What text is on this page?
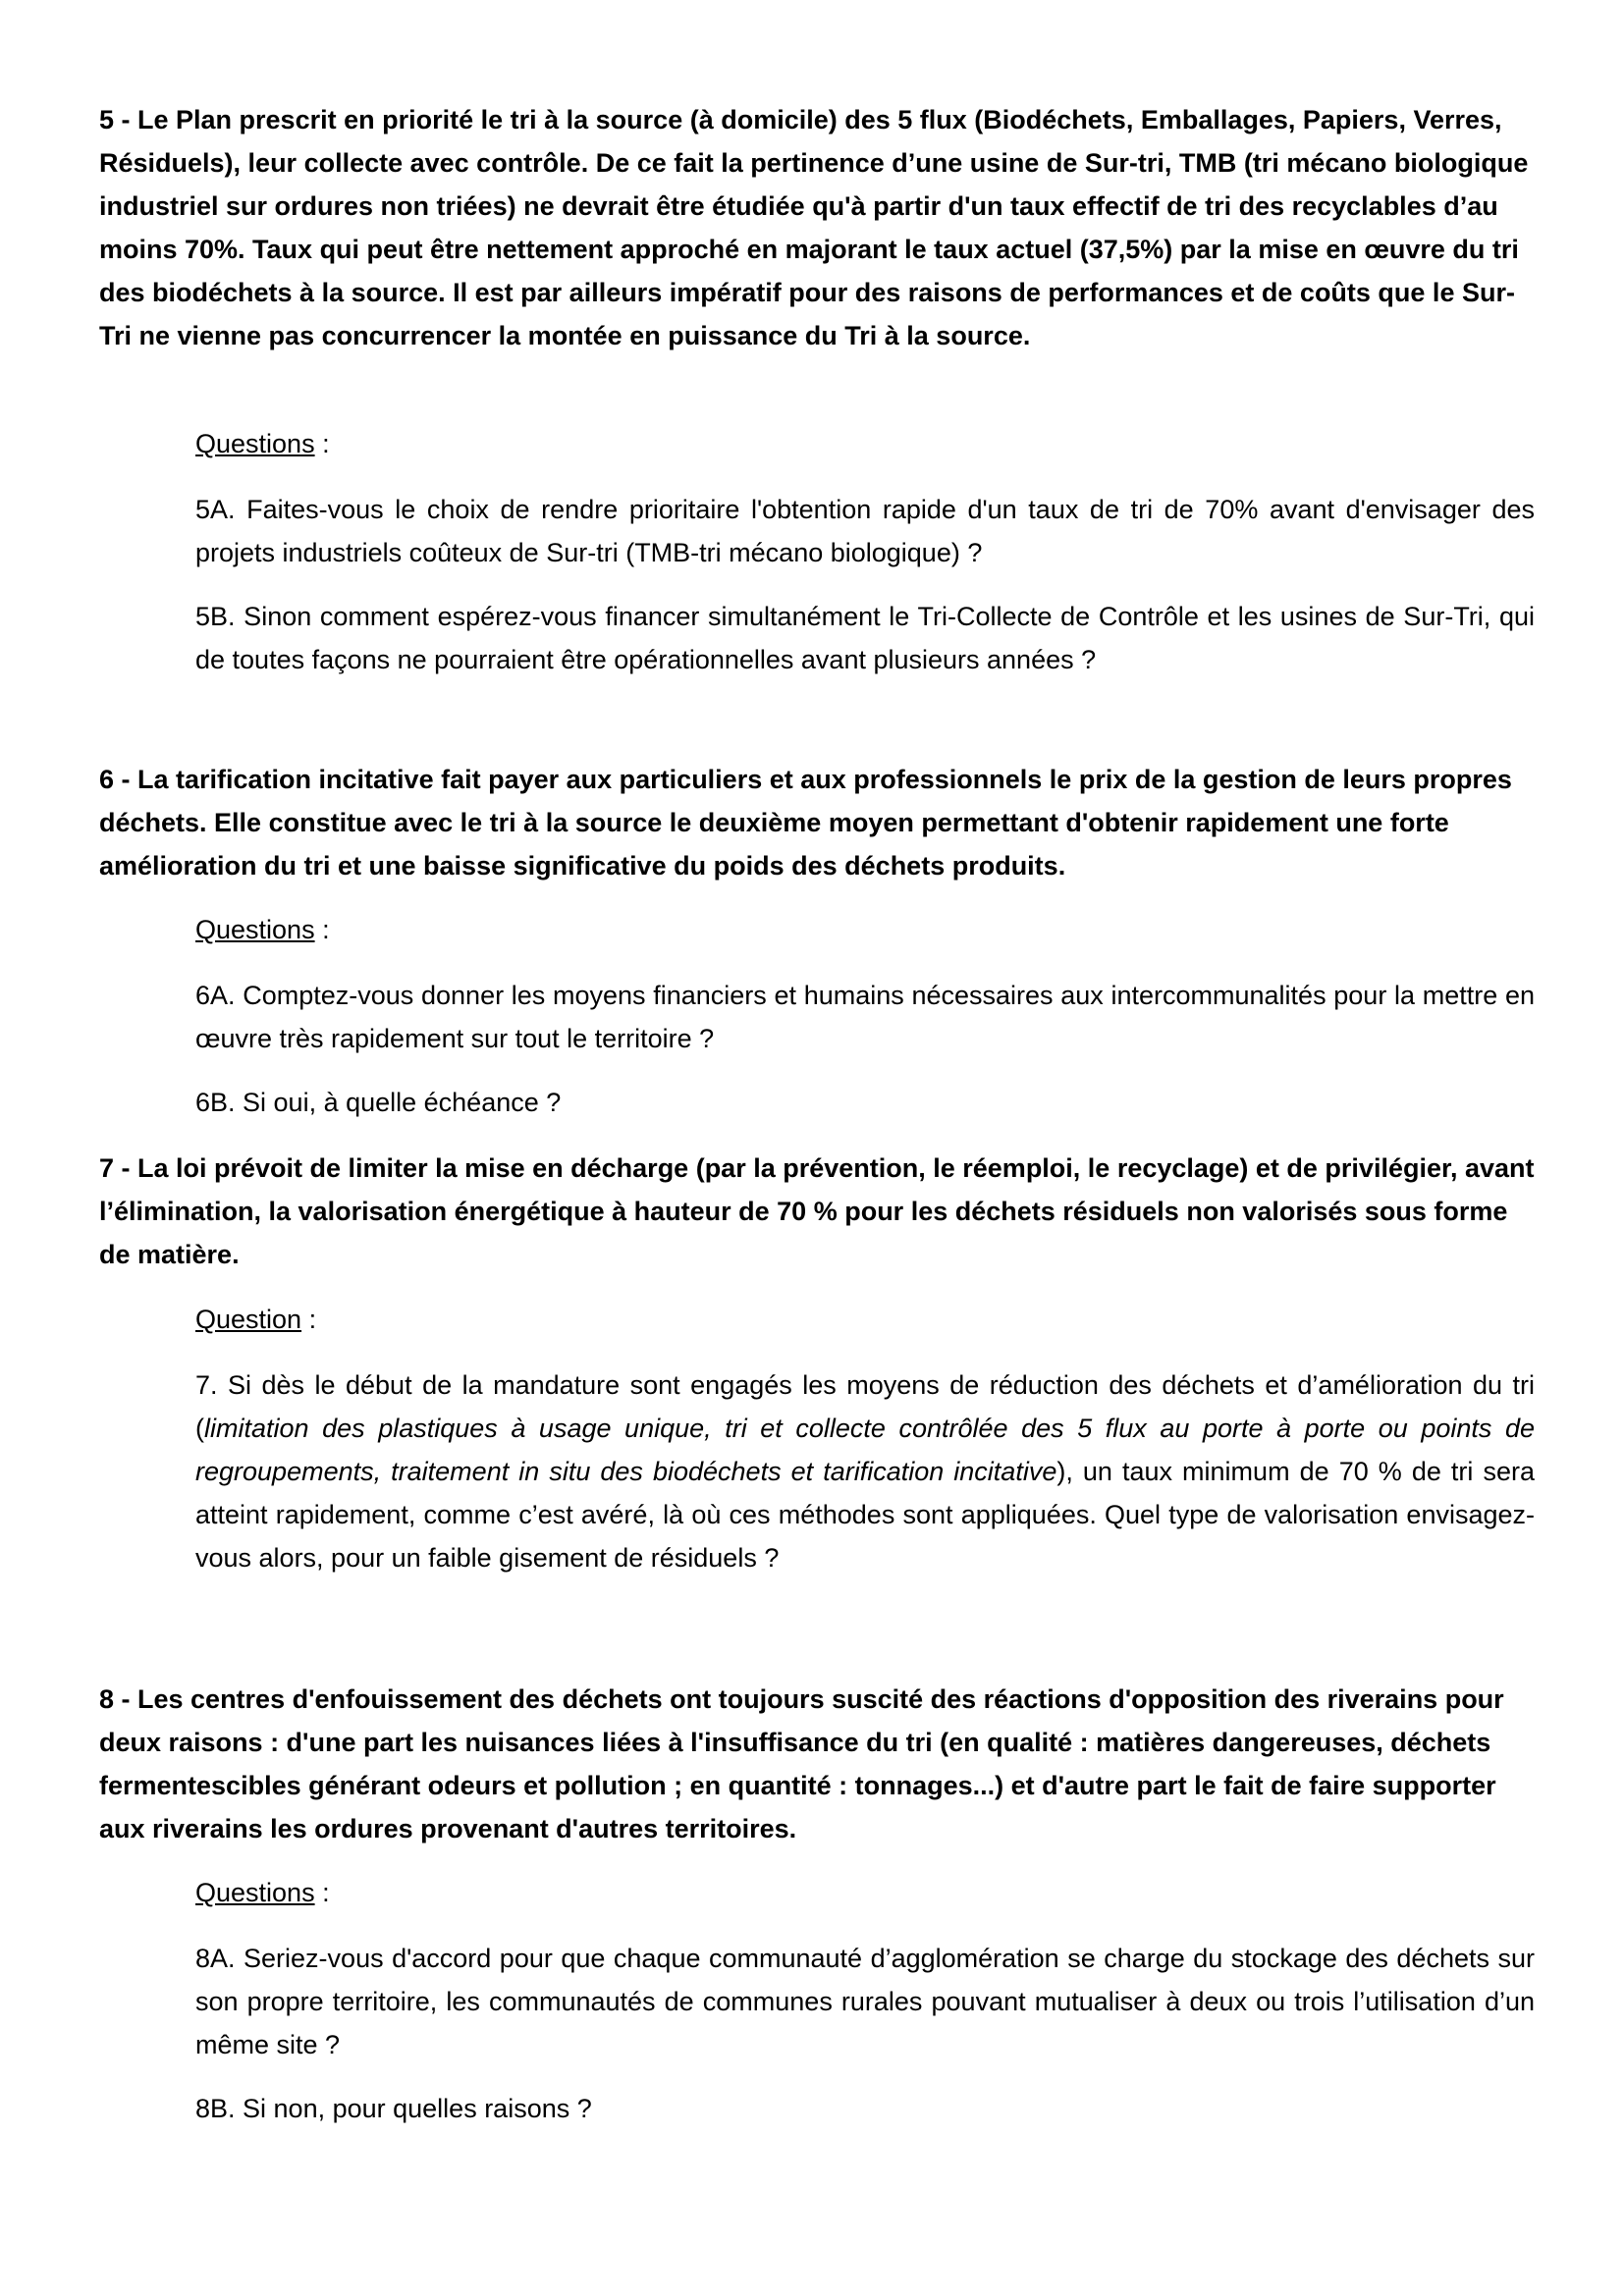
5 - Le Plan prescrit en priorité le tri à la source (à domicile) des 5 flux (Biodéchets, Emballages, Papiers, Verres, Résiduels), leur collecte avec contrôle. De ce fait la pertinence d’une usine de Sur-tri, TMB (tri mécano biologique industriel sur ordures non triées) ne devrait être étudiée qu'à partir d'un taux effectif de tri des recyclables d’au moins 70%. Taux qui peut être nettement approché en majorant le taux actuel (37,5%) par la mise en œuvre du tri des biodéchets à la source. Il est par ailleurs impératif pour des raisons de performances et de coûts que le Sur-Tri ne vienne pas concurrencer la montée en puissance du Tri à la source.

Questions :

5A. Faites-vous le choix de rendre prioritaire l'obtention rapide d'un taux de tri de 70% avant d'envisager des projets industriels coûteux de Sur-tri (TMB-tri mécano biologique) ?

5B. Sinon comment espérez-vous financer simultanément le Tri-Collecte de Contrôle et les usines de Sur-Tri, qui de toutes façons ne pourraient être opérationnelles avant plusieurs années ?

6 - La tarification incitative fait payer aux particuliers et aux professionnels le prix de la gestion de leurs propres déchets. Elle constitue avec le tri à la source le deuxième moyen permettant d'obtenir rapidement une forte amélioration du tri et une baisse significative du poids des déchets produits.

Questions :

6A. Comptez-vous donner les moyens financiers et humains nécessaires aux intercommunalités pour la mettre en œuvre très rapidement sur tout le territoire ?

6B. Si oui, à quelle échéance ?

7 - La loi prévoit de limiter la mise en décharge (par la prévention, le réemploi, le recyclage) et de privilégier, avant l’élimination, la valorisation énergétique à hauteur de 70 % pour les déchets résiduels non valorisés sous forme de matière.

Question :

7. Si dès le début de la mandature sont engagés les moyens de réduction des déchets et d’amélioration du tri (limitation des plastiques à usage unique, tri et collecte contrôlée des 5 flux au porte à porte ou points de regroupements, traitement in situ des biodéchets et tarification incitative), un taux minimum de 70 % de tri sera atteint rapidement, comme c’est avéré, là où ces méthodes sont appliquées. Quel type de valorisation envisagez-vous alors, pour un faible gisement de résiduels ?

8 - Les centres d'enfouissement des déchets ont toujours suscité des réactions d'opposition des riverains pour deux raisons : d'une part les nuisances liées à l'insuffisance du tri (en qualité : matières dangereuses, déchets fermentescibles générant odeurs et pollution ; en quantité : tonnages...) et d'autre part le fait de faire supporter aux riverains les ordures provenant d'autres territoires.

Questions :

8A. Seriez-vous d'accord pour que chaque communauté d’agglomération se charge du stockage des déchets sur son propre territoire, les communautés de communes rurales pouvant mutualiser à deux ou trois l’utilisation d’un même site ?

8B. Si non, pour quelles raisons ?
